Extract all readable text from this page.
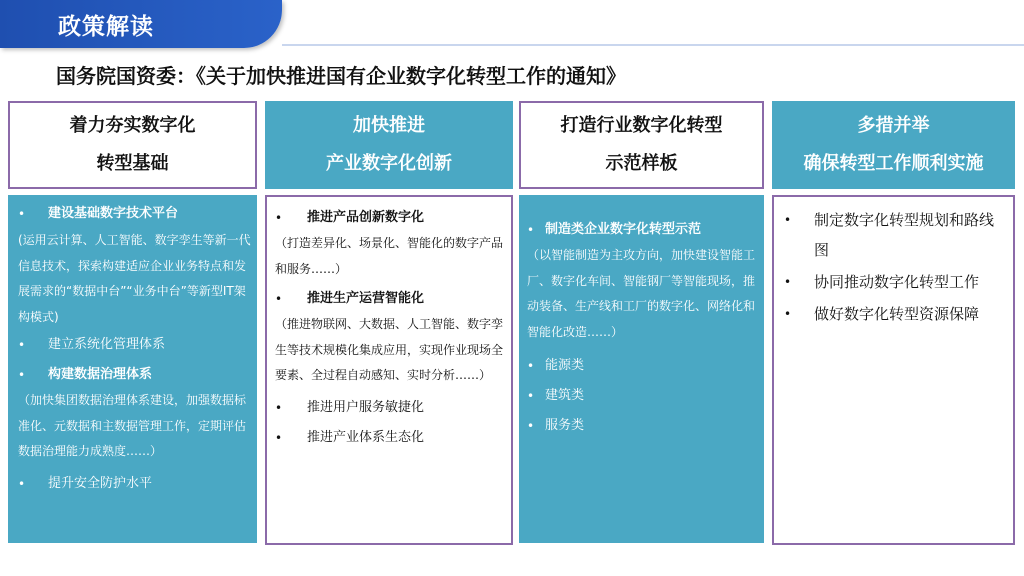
政策解读
国务院国资委：《关于加快推进国有企业数字化转型工作的通知》
着力夯实数字化
转型基础
•	建设基础数字技术平台
(运用云计算、人工智能、数字孪生等新一代信息技术，探索构建适应企业业务特点和发展需求的“数据中台”“业务中台”等新型IT架构模式)
•	建立系统化管理体系
•	构建数据治理体系
（加快集团数据治理体系建设，加强数据标准化、元数据和主数据管理工作，定期评估数据治理能力成熟度……）
•	提升安全防护水平
加快推进
产业数字化创新
•	推进产品创新数字化
（打造差异化、场景化、智能化的数字产品和服务……）
•	推进生产运营智能化
（推进物联网、大数据、人工智能、数字孪生等技术规模化集成应用，实现作业现场全要素、全过程自动感知、实时分析……）
•	推进用户服务敏捷化
•	推进产业体系生态化
打造行业数字化转型
示范样板
• 制造类企业数字化转型示范
（以智能制造为主攻方向，加快建设智能工厂、数字化车间、智能钢厂等智能现场，推动装备、生产线和工厂的数字化、网络化和智能化改造……）
• 能源类
• 建筑类
• 服务类
多措并举
确保转型工作顺利实施
•	制定数字化转型规划和路线图
•	协同推动数字化转型工作
•	做好数字化转型资源保障
